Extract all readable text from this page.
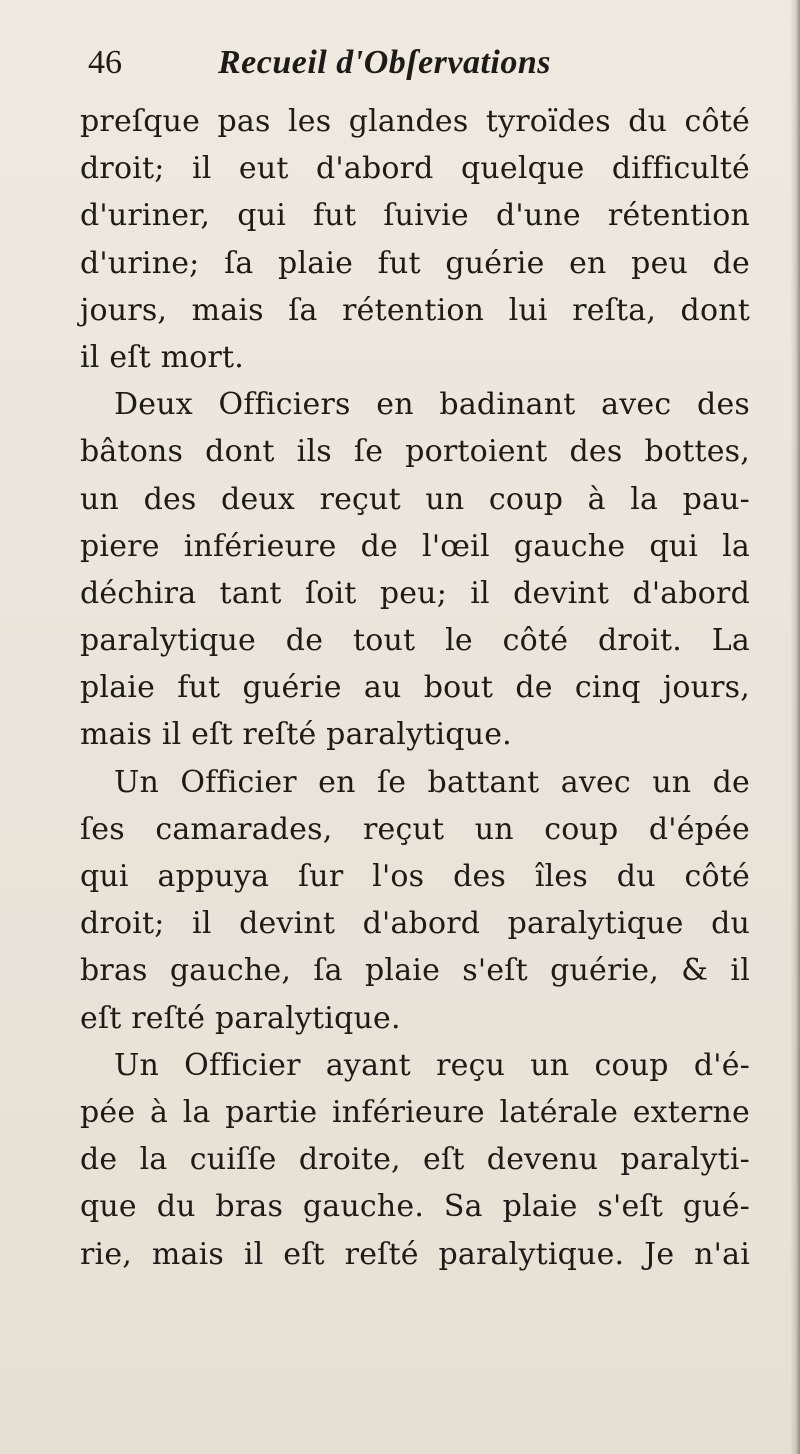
46	Recueil d'Obſervations
preſque pas les glandes tyroïdes du côté
droit; il eut d'abord quelque difficulté
d'uriner, qui fut ſuivie d'une rétention
d'urine; ſa plaie fut guérie en peu de
jours, mais ſa rétention lui reſta, dont
il eſt mort.
Deux Officiers en badinant avec des
bâtons dont ils ſe portoient des bottes,
un des deux reçut un coup à la pau-
piere inférieure de l'œil gauche qui la
déchira tant ſoit peu; il devint d'abord
paralytique de tout le côté droit. La
plaie fut guérie au bout de cinq jours,
mais il eſt reſté paralytique.
Un Officier en ſe battant avec un de
ſes camarades, reçut un coup d'épée
qui appuya ſur l'os des îles du côté
droit; il devint d'abord paralytique du
bras gauche, ſa plaie s'eſt guérie, & il
eſt reſté paralytique.
Un Officier ayant reçu un coup d'é-
pée à la partie inférieure latérale externe
de la cuiſſe droite, eſt devenu paralyti-
que du bras gauche. Sa plaie s'eſt gué-
rie, mais il eſt reſté paralytique. Je n'ai
